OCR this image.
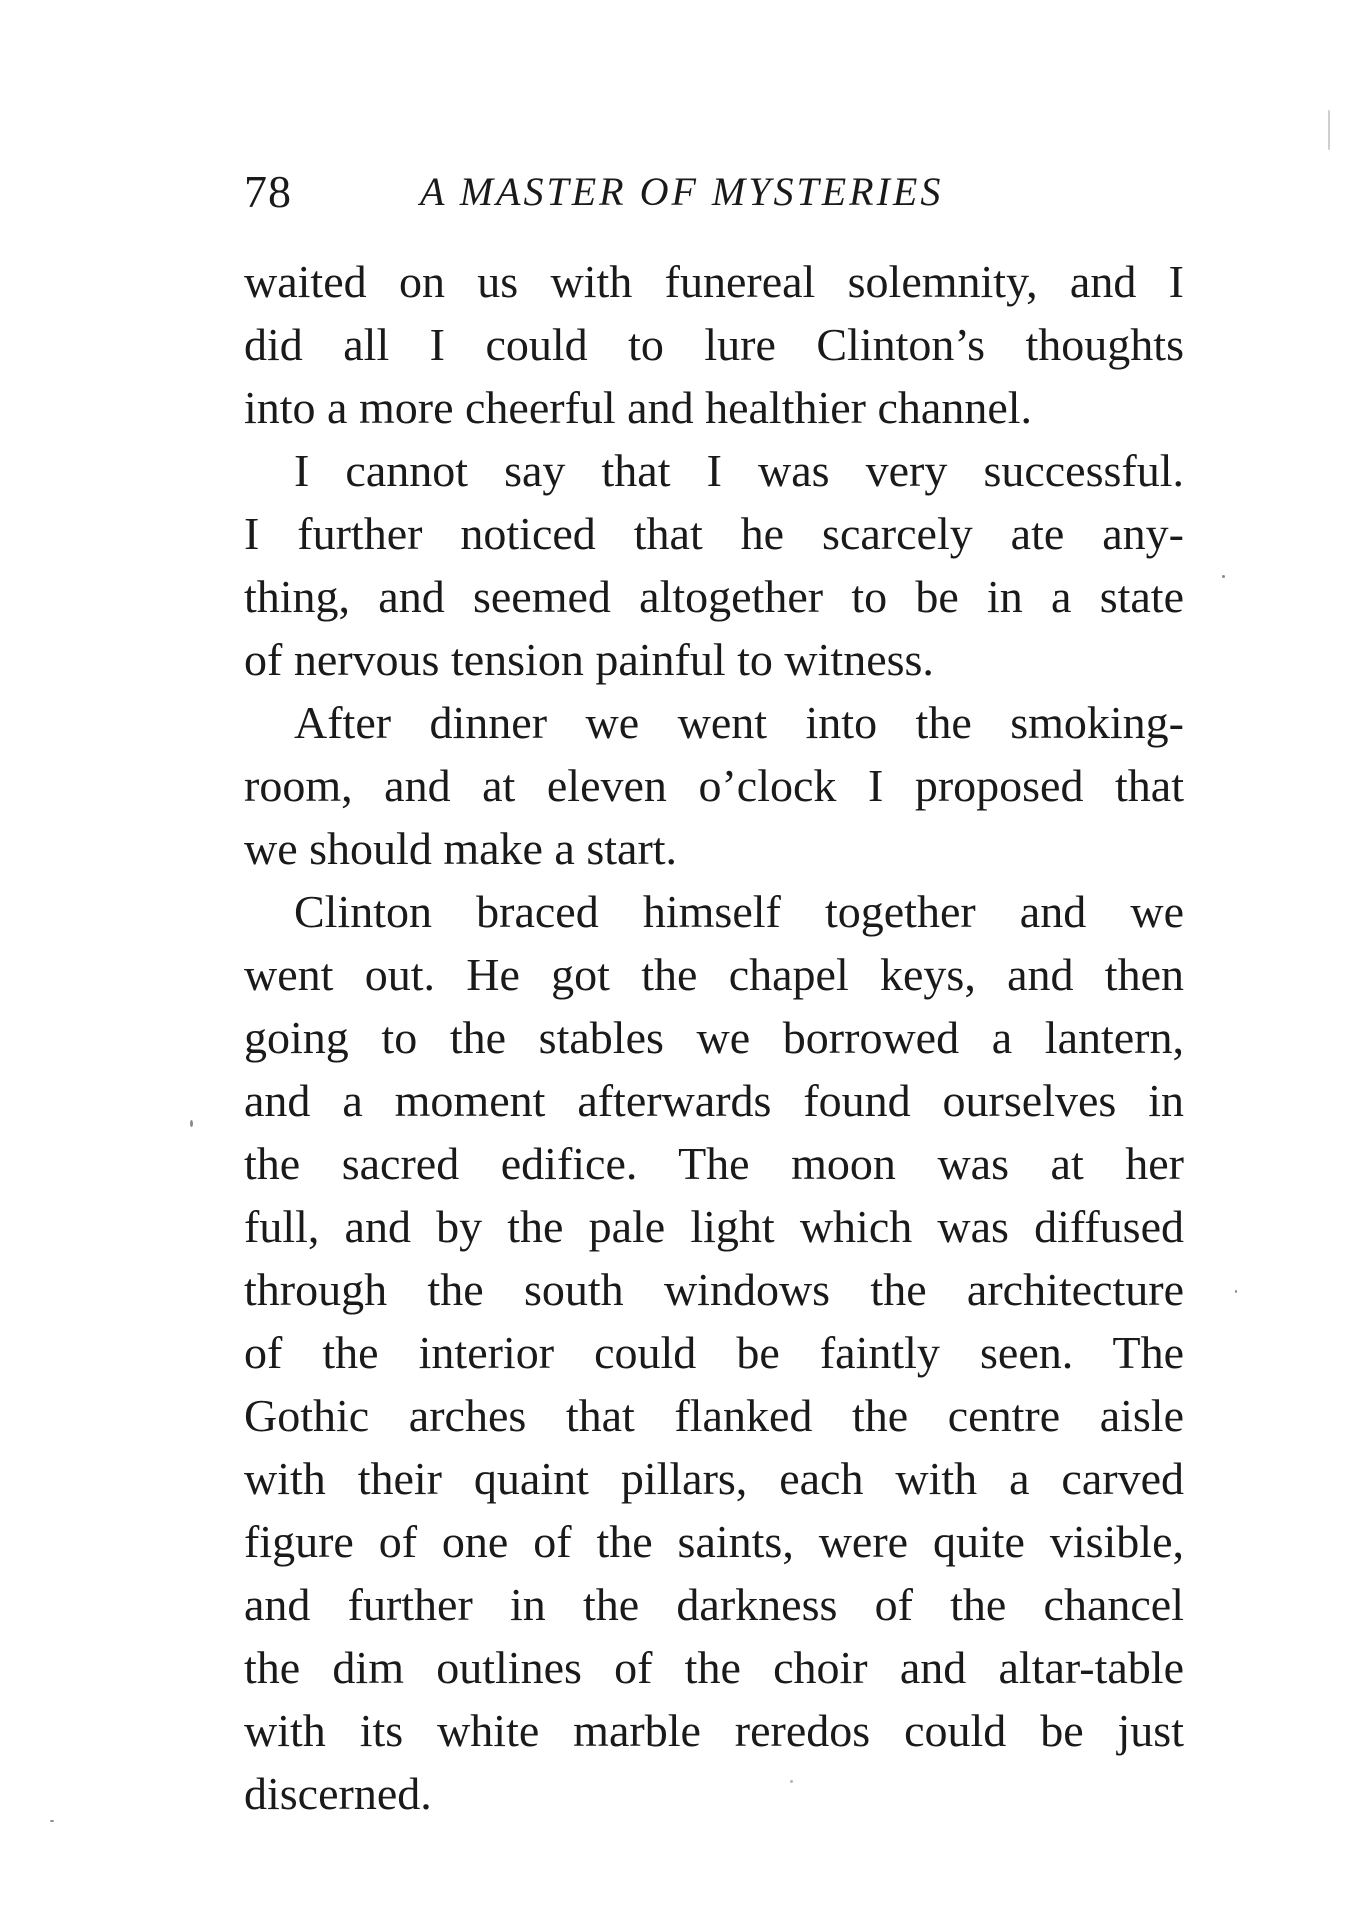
78	A MASTER OF MYSTERIES
waited on us with funereal solemnity, and I
did all I could to lure Clinton’s thoughts
into a more cheerful and healthier channel.
I cannot say that I was very successful.
I further noticed that he scarcely ate any-
thing, and seemed altogether to be in a state
of nervous tension painful to witness.
After dinner we went into the smoking-
room, and at eleven o’clock I proposed that
we should make a start.
Clinton braced himself together and we
went out. He got the chapel keys, and then
going to the stables we borrowed a lantern,
and a moment afterwards found ourselves in
the sacred edifice. The moon was at her
full, and by the pale light which was diffused
through the south windows the architecture
of the interior could be faintly seen. The
Gothic arches that flanked the centre aisle
with their quaint pillars, each with a carved
figure of one of the saints, were quite visible,
and further in the darkness of the chancel
the dim outlines of the choir and altar-table
with its white marble reredos could be just
discerned.
